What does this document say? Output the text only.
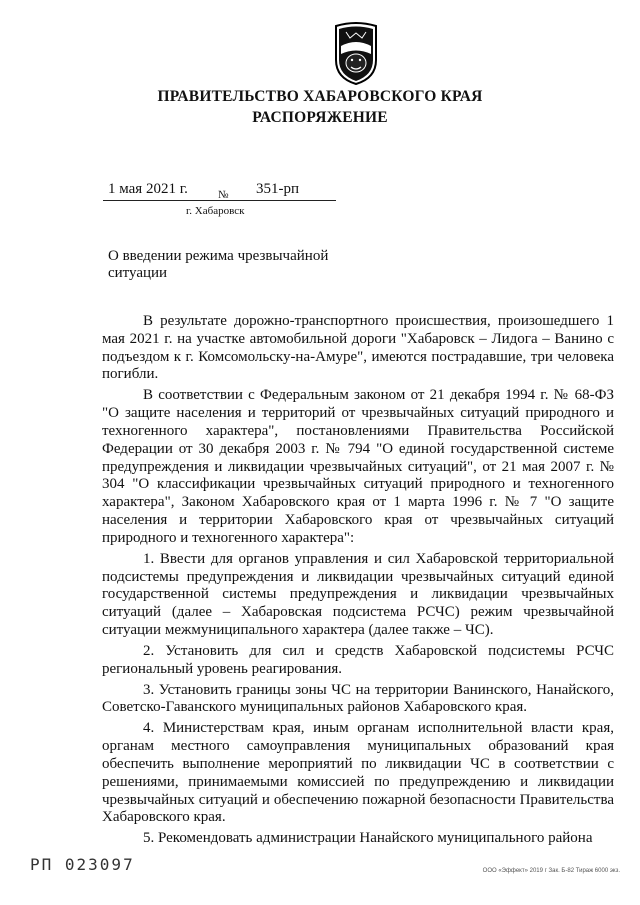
ПРАВИТЕЛЬСТВО ХАБАРОВСКОГО КРАЯ
РАСПОРЯЖЕНИЕ
1 мая 2021 г.	№ 351-рп
г. Хабаровск
О введении режима чрезвычайной ситуации

В результате дорожно-транспортного происшествия, произошедшего 1 мая 2021 г. на участке автомобильной дороги "Хабаровск – Лидога – Ванино с подъездом к г. Комсомольску-на-Амуре", имеются пострадавшие, три человека погибли.

В соответствии с Федеральным законом от 21 декабря 1994 г. № 68-ФЗ "О защите населения и территорий от чрезвычайных ситуаций природного и техногенного характера", постановлениями Правительства Российской Федерации от 30 декабря 2003 г. № 794 "О единой государственной системе предупреждения и ликвидации чрезвычайных ситуаций", от 21 мая 2007 г. № 304 "О классификации чрезвычайных ситуаций природного и техногенного характера", Законом Хабаровского края от 1 марта 1996 г. № 7 "О защите населения и территории Хабаровского края от чрезвычайных ситуаций природного и техногенного характера":

1. Ввести для органов управления и сил Хабаровской территориальной подсистемы предупреждения и ликвидации чрезвычайных ситуаций единой государственной системы предупреждения и ликвидации чрезвычайных ситуаций (далее – Хабаровская подсистема РСЧС) режим чрезвычайной ситуации межмуниципального характера (далее также – ЧС).

2. Установить для сил и средств Хабаровской подсистемы РСЧС региональный уровень реагирования.

3. Установить границы зоны ЧС на территории Ванинского, Нанайского, Советско-Гаванского муниципальных районов Хабаровского края.

4. Министерствам края, иным органам исполнительной власти края, органам местного самоуправления муниципальных образований края обеспечить выполнение мероприятий по ликвидации ЧС в соответствии с решениями, принимаемыми комиссией по предупреждению и ликвидации чрезвычайных ситуаций и обеспечению пожарной безопасности Правительства Хабаровского края.

5. Рекомендовать администрации Нанайского муниципального района

РП 023097	ООО «Эффект» 2019 г Зак. Б-82 Тираж 6000 экз.
